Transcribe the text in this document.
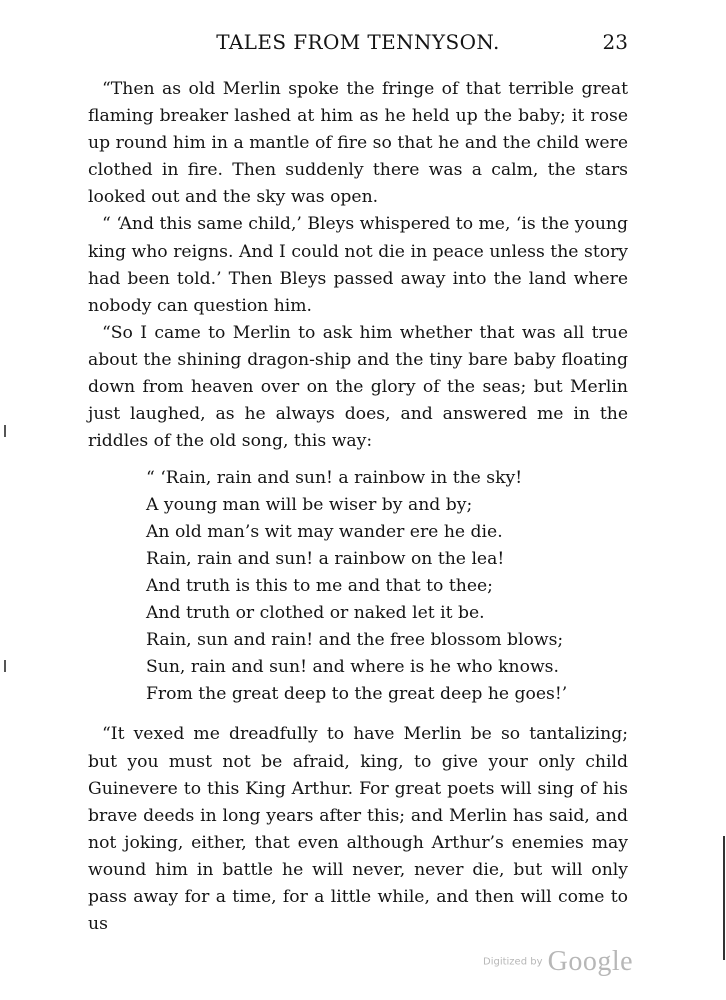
TALES FROM TENNYSON.	23

“Then as old Merlin spoke the fringe of that terrible great flaming breaker lashed at him as he held up the baby; it rose up round him in a mantle of fire so that he and the child were clothed in fire. Then suddenly there was a calm, the stars looked out and the sky was open.

“ ‘And this same child,’ Bleys whispered to me, ‘is the young king who reigns. And I could not die in peace unless the story had been told.’ Then Bleys passed away into the land where nobody can question him.

“So I came to Merlin to ask him whether that was all true about the shining dragon-ship and the tiny bare baby floating down from heaven over on the glory of the seas; but Merlin just laughed, as he always does, and answered me in the riddles of the old song, this way:

“ ‘Rain, rain and sun! a rainbow in the sky!
A young man will be wiser by and by;
An old man’s wit may wander ere he die.
Rain, rain and sun! a rainbow on the lea!
And truth is this to me and that to thee;
And truth or clothed or naked let it be.
Rain, sun and rain! and the free blossom blows;
Sun, rain and sun! and where is he who knows.
From the great deep to the great deep he goes!’

“It vexed me dreadfully to have Merlin be so tantalizing; but you must not be afraid, king, to give your only child Guinevere to this King Arthur. For great poets will sing of his brave deeds in long years after this; and Merlin has said, and not joking, either, that even although Arthur’s enemies may wound him in battle he will never, never die, but will only pass away for a time, for a little while, and then will come to us

Digitized by Google
